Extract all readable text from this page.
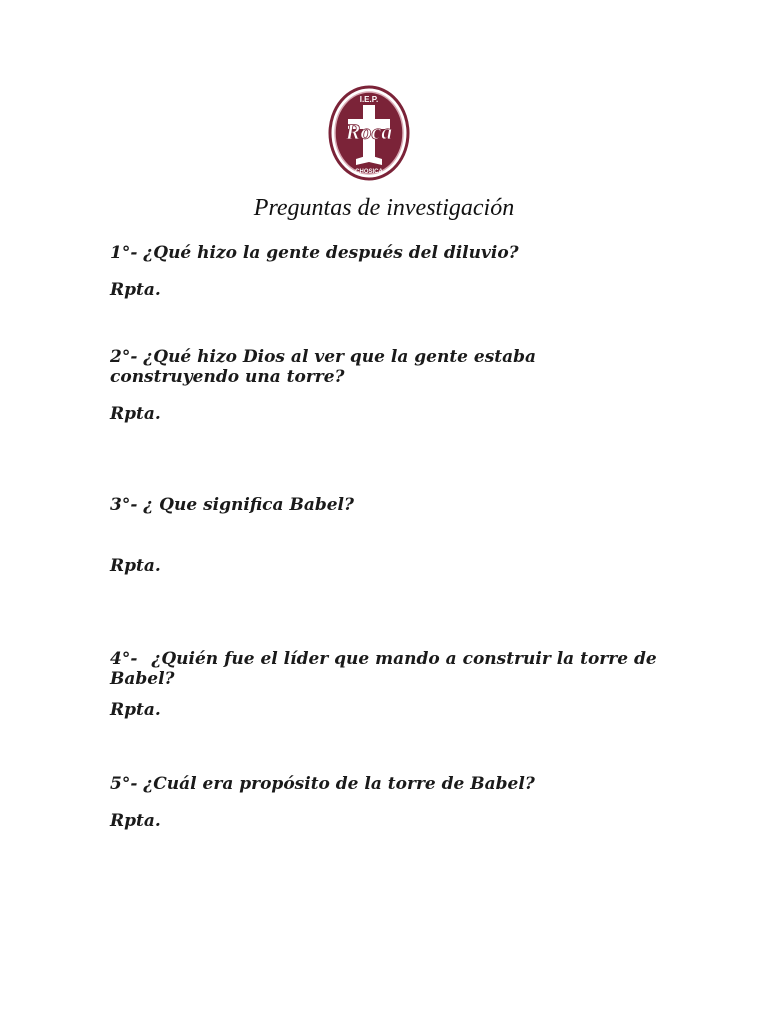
I.E.P.
Roca
CHOSICA
Preguntas de investigación
1°- ¿Qué hizo la gente después del diluvio?
Rpta.
2°- ¿Qué hizo Dios al ver que la gente estaba
construyendo una torre?
Rpta.
3°- ¿ Que significa Babel?
Rpta.
4°- ¿Quién fue el líder que mando a construir la torre de
Babel?
Rpta.
5°- ¿Cuál era propósito de la torre de Babel?
Rpta.
